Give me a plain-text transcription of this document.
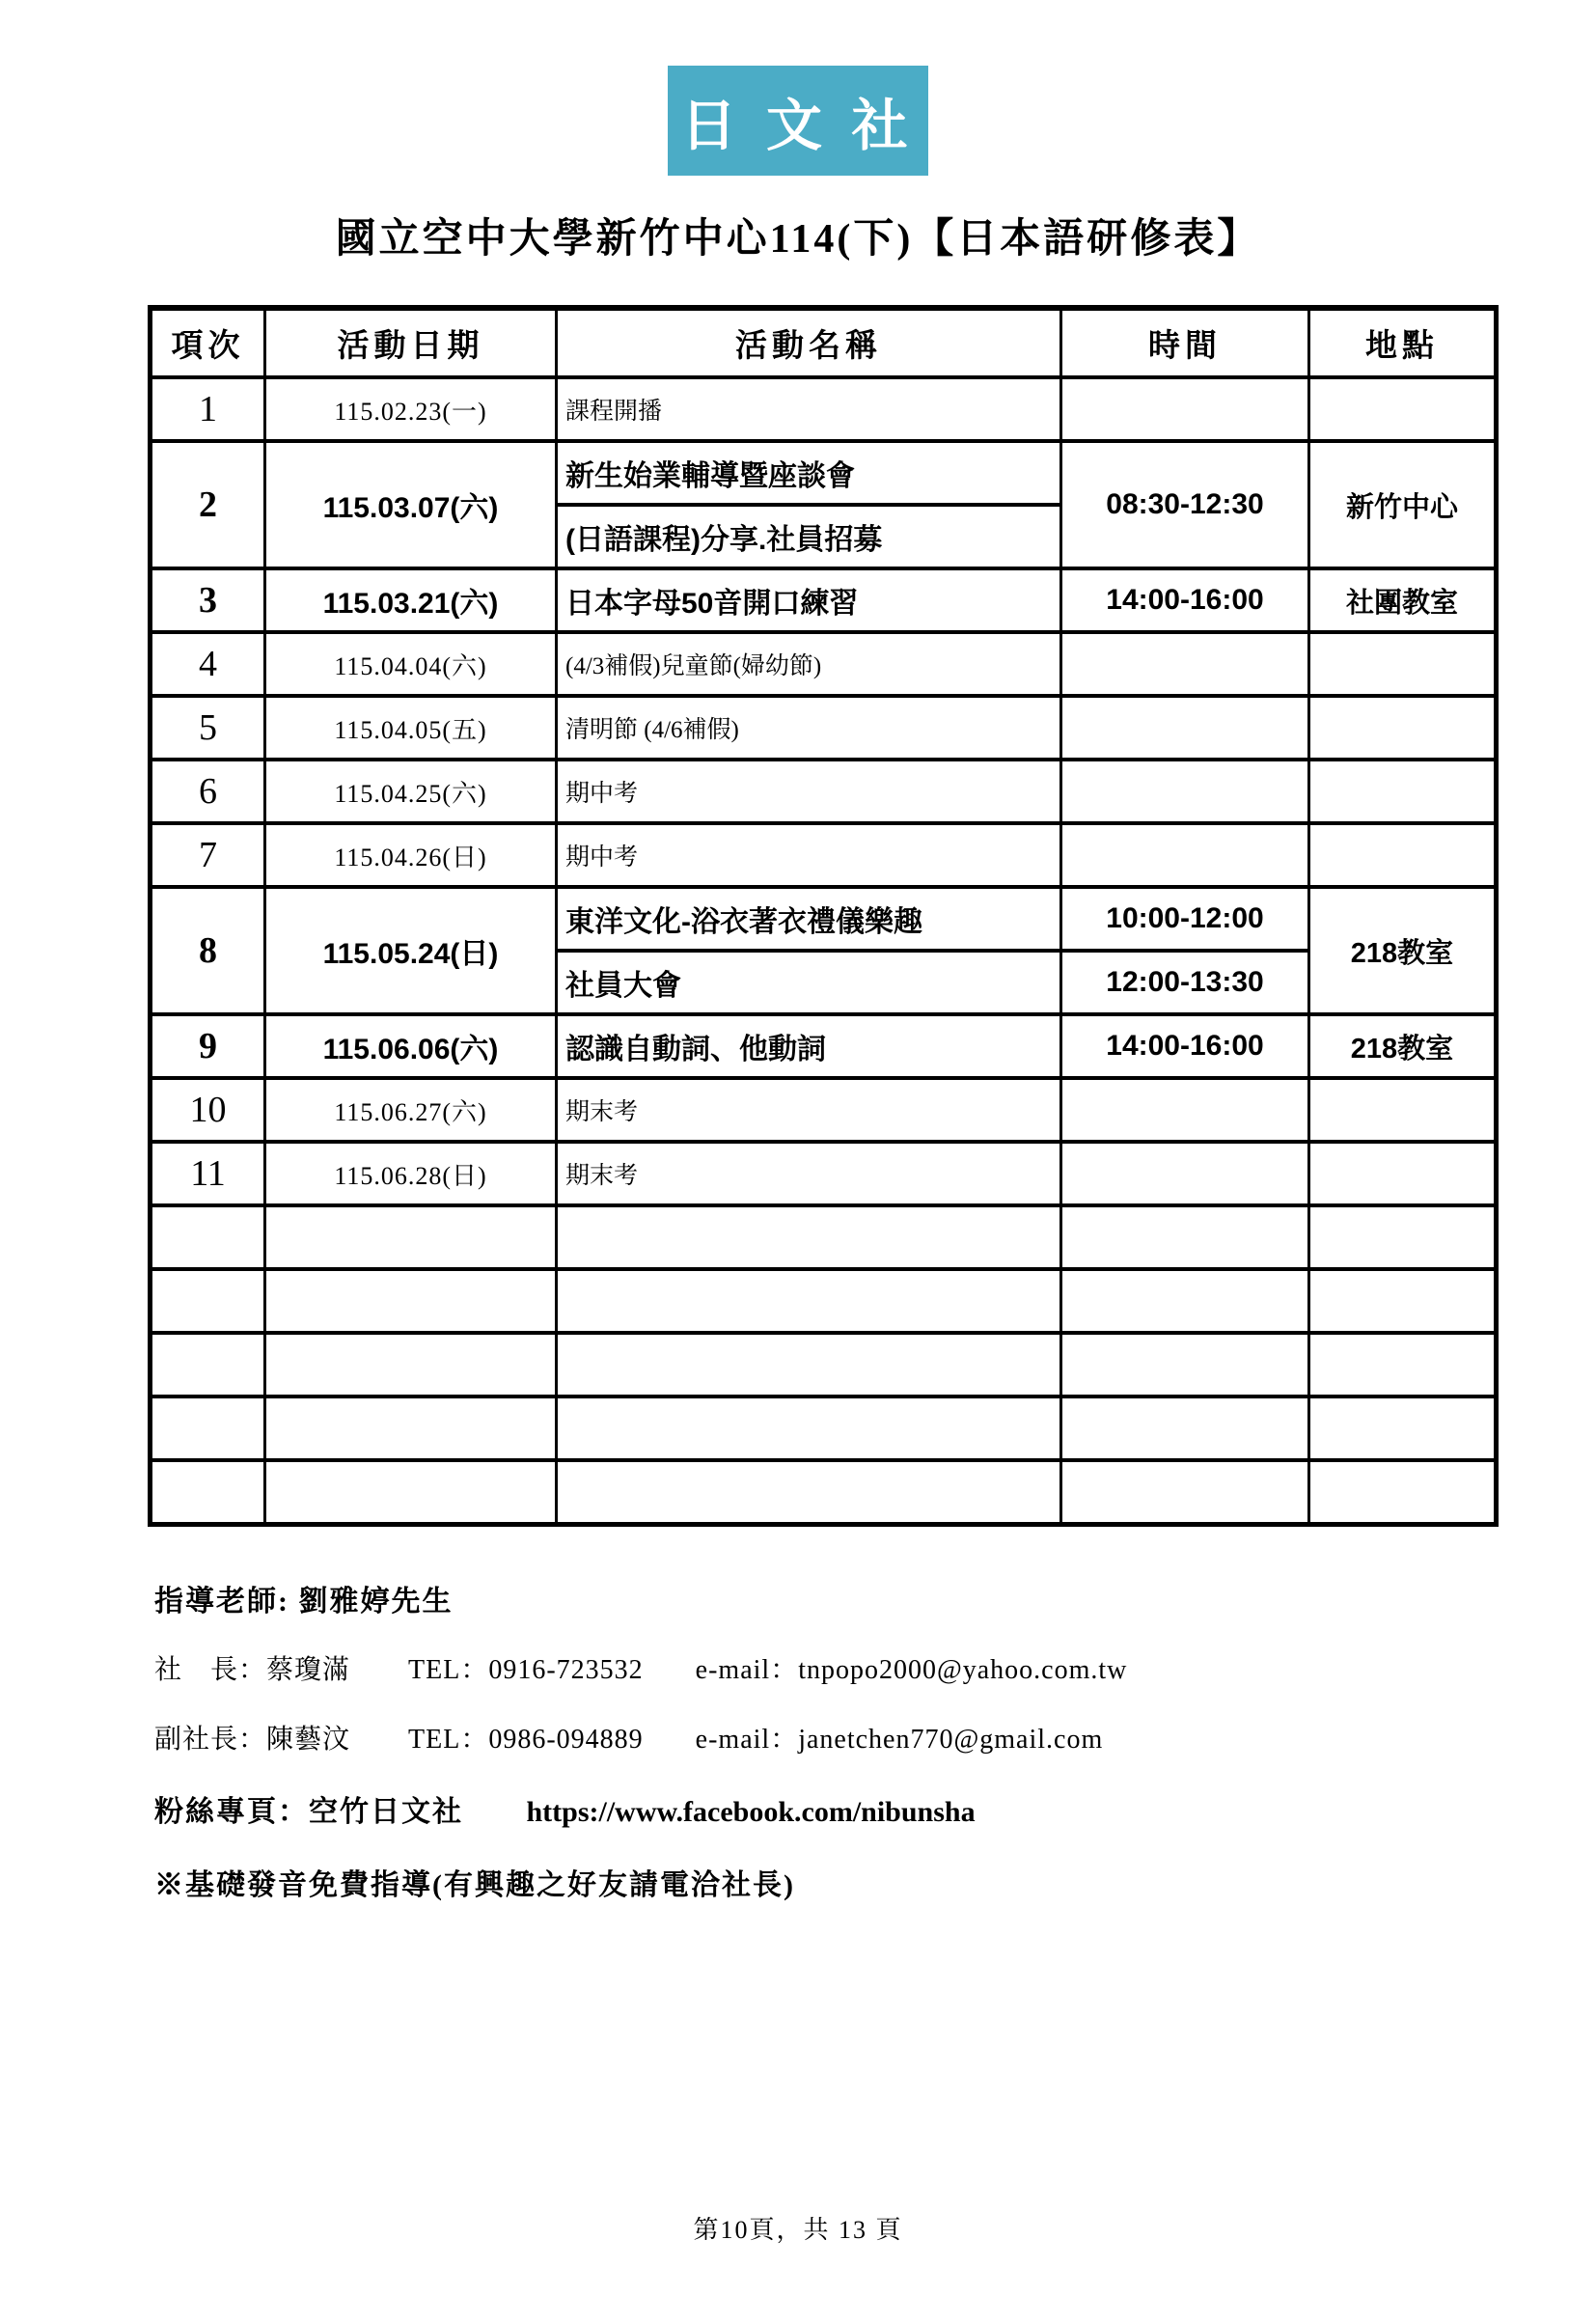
日 文 社
國立空中大學新竹中心114(下)【日本語研修表】
項次	活動日期	活動名稱	時間	地點
1	115.02.23(一)	課程開播		
2	115.03.07(六)	新生始業輔導暨座談會	08:30-12:30	新竹中心
		(日語課程)分享.社員招募		
3	115.03.21(六)	日本字母50音開口練習	14:00-16:00	社團教室
4	115.04.04(六)	(4/3補假)兒童節(婦幼節)		
5	115.04.05(五)	清明節 (4/6補假)		
6	115.04.25(六)	期中考		
7	115.04.26(日)	期中考		
8	115.05.24(日)	東洋文化-浴衣著衣禮儀樂趣	10:00-12:00	218教室
		社員大會	12:00-13:30	
9	115.06.06(六)	認識自動詞、他動詞	14:00-16:00	218教室
10	115.06.27(六)	期末考		
11	115.06.28(日)	期末考		

指導老師: 劉雅婷先生

社　長：蔡瓊滿 TEL：0916-723532 e-mail：tnpopo2000@yahoo.com.tw

副社長：陳藝汶 TEL：0986-094889 e-mail：janetchen770@gmail.com

粉絲專頁：空竹日文社 https://www.facebook.com/nibunsha

※基礎發音免費指導(有興趣之好友請電洽社長)

第10頁，共 13 頁
